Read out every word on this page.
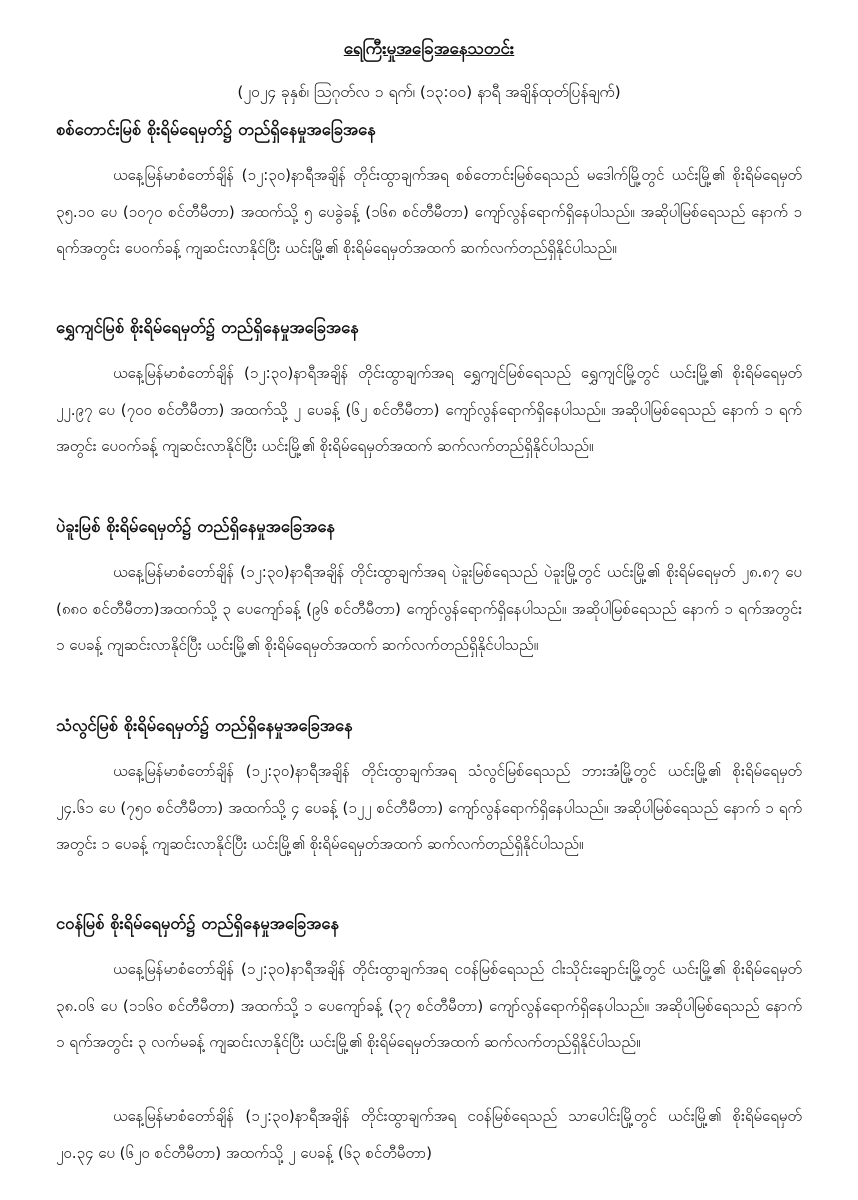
ရေကြီးမှုအခြေအနေသတင်း
(၂၀၂၄ ခုနှစ်၊ ဩဂုတ်လ ၁ ရက်၊ (၁၃:၀၀) နာရီ အချိန်ထုတ်ပြန်ချက်)
စစ်တောင်းမြစ် စိုးရိမ်ရေမှတ်၌ တည်ရှိနေမှုအခြေအနေ

ယနေ့မြန်မာစံတော်ချိန် (၁၂:၃၀)နာရီအချိန် တိုင်းထွာချက်အရ စစ်တောင်းမြစ်ရေသည် မဒေါက်မြို့တွင် ယင်းမြို့၏ စိုးရိမ်ရေမှတ် ၃၅.၁၀ ပေ (၁၀၇၀ စင်တီမီတာ) အထက်သို့ ၅ ပေခွဲခန့် (၁၆၈ စင်တီမီတာ) ကျော်လွန်ရောက်ရှိနေပါသည်။ အဆိုပါမြစ်ရေသည် နောက် ၁ ရက်အတွင်း ပေဝက်ခန့် ကျဆင်းလာနိုင်ပြီး ယင်းမြို့၏ စိုးရိမ်ရေမှတ်အထက် ဆက်လက်တည်ရှိနိုင်ပါသည်။

ရွှေကျင်မြစ် စိုးရိမ်ရေမှတ်၌ တည်ရှိနေမှုအခြေအနေ

ယနေ့မြန်မာစံတော်ချိန် (၁၂:၃၀)နာရီအချိန် တိုင်းထွာချက်အရ ရွှေကျင်မြစ်ရေသည် ရွှေကျင်မြို့တွင် ယင်းမြို့၏ စိုးရိမ်ရေမှတ် ၂၂.၉၇ ပေ (၇၀၀ စင်တီမီတာ) အထက်သို့ ၂ ပေခန့် (၆၂ စင်တီမီတာ) ကျော်လွန်ရောက်ရှိနေပါသည်။ အဆိုပါမြစ်ရေသည် နောက် ၁ ရက်အတွင်း ပေဝက်ခန့် ကျဆင်းလာနိုင်ပြီး ယင်းမြို့၏ စိုးရိမ်ရေမှတ်အထက် ဆက်လက်တည်ရှိနိုင်ပါသည်။

ပဲခူးမြစ် စိုးရိမ်ရေမှတ်၌ တည်ရှိနေမှုအခြေအနေ

ယနေ့မြန်မာစံတော်ချိန် (၁၂:၃၀)နာရီအချိန် တိုင်းထွာချက်အရ ပဲခူးမြစ်ရေသည် ပဲခူးမြို့တွင် ယင်းမြို့၏ စိုးရိမ်ရေမှတ် ၂၈.၈၇ ပေ (၈၈၀ စင်တီမီတာ)အထက်သို့ ၃ ပေကျော်ခန့် (၉၆ စင်တီမီတာ) ကျော်လွန်ရောက်ရှိနေပါသည်။ အဆိုပါမြစ်ရေသည် နောက် ၁ ရက်အတွင်း ၁ ပေခန့် ကျဆင်းလာနိုင်ပြီး ယင်းမြို့၏ စိုးရိမ်ရေမှတ်အထက် ဆက်လက်တည်ရှိနိုင်ပါသည်။

သံလွင်မြစ် စိုးရိမ်ရေမှတ်၌ တည်ရှိနေမှုအခြေအနေ

ယနေ့မြန်မာစံတော်ချိန် (၁၂:၃၀)နာရီအချိန် တိုင်းထွာချက်အရ သံလွင်မြစ်ရေသည် ဘားအံမြို့တွင် ယင်းမြို့၏ စိုးရိမ်ရေမှတ် ၂၄.၆၁ ပေ (၇၅၀ စင်တီမီတာ) အထက်သို့ ၄ ပေခန့် (၁၂၂ စင်တီမီတာ) ကျော်လွန်ရောက်ရှိနေပါသည်။ အဆိုပါမြစ်ရေသည် နောက် ၁ ရက်အတွင်း ၁ ပေခန့် ကျဆင်းလာနိုင်ပြီး ယင်းမြို့၏ စိုးရိမ်ရေမှတ်အထက် ဆက်လက်တည်ရှိနိုင်ပါသည်။

ငဝန်မြစ် စိုးရိမ်ရေမှတ်၌ တည်ရှိနေမှုအခြေအနေ

ယနေ့မြန်မာစံတော်ချိန် (၁၂:၃၀)နာရီအချိန် တိုင်းထွာချက်အရ ငဝန်မြစ်ရေသည် ငါးသိုင်းချောင်းမြို့တွင် ယင်းမြို့၏ စိုးရိမ်ရေမှတ် ၃၈.၀၆ ပေ (၁၁၆၀ စင်တီမီတာ) အထက်သို့ ၁ ပေကျော်ခန့် (၃၇ စင်တီမီတာ) ကျော်လွန်ရောက်ရှိနေပါသည်။ အဆိုပါမြစ်ရေသည် နောက် ၁ ရက်အတွင်း ၃ လက်မခန့် ကျဆင်းလာနိုင်ပြီး ယင်းမြို့၏ စိုးရိမ်ရေမှတ်အထက် ဆက်လက်တည်ရှိနိုင်ပါသည်။

ယနေ့မြန်မာစံတော်ချိန် (၁၂:၃၀)နာရီအချိန် တိုင်းထွာချက်အရ ငဝန်မြစ်ရေသည် သာပေါင်းမြို့တွင် ယင်းမြို့၏ စိုးရိမ်ရေမှတ် ၂၀.၃၄ ပေ (၆၂၀ စင်တီမီတာ) အထက်သို့ ၂ ပေခန့် (၆၃ စင်တီမီတာ)
